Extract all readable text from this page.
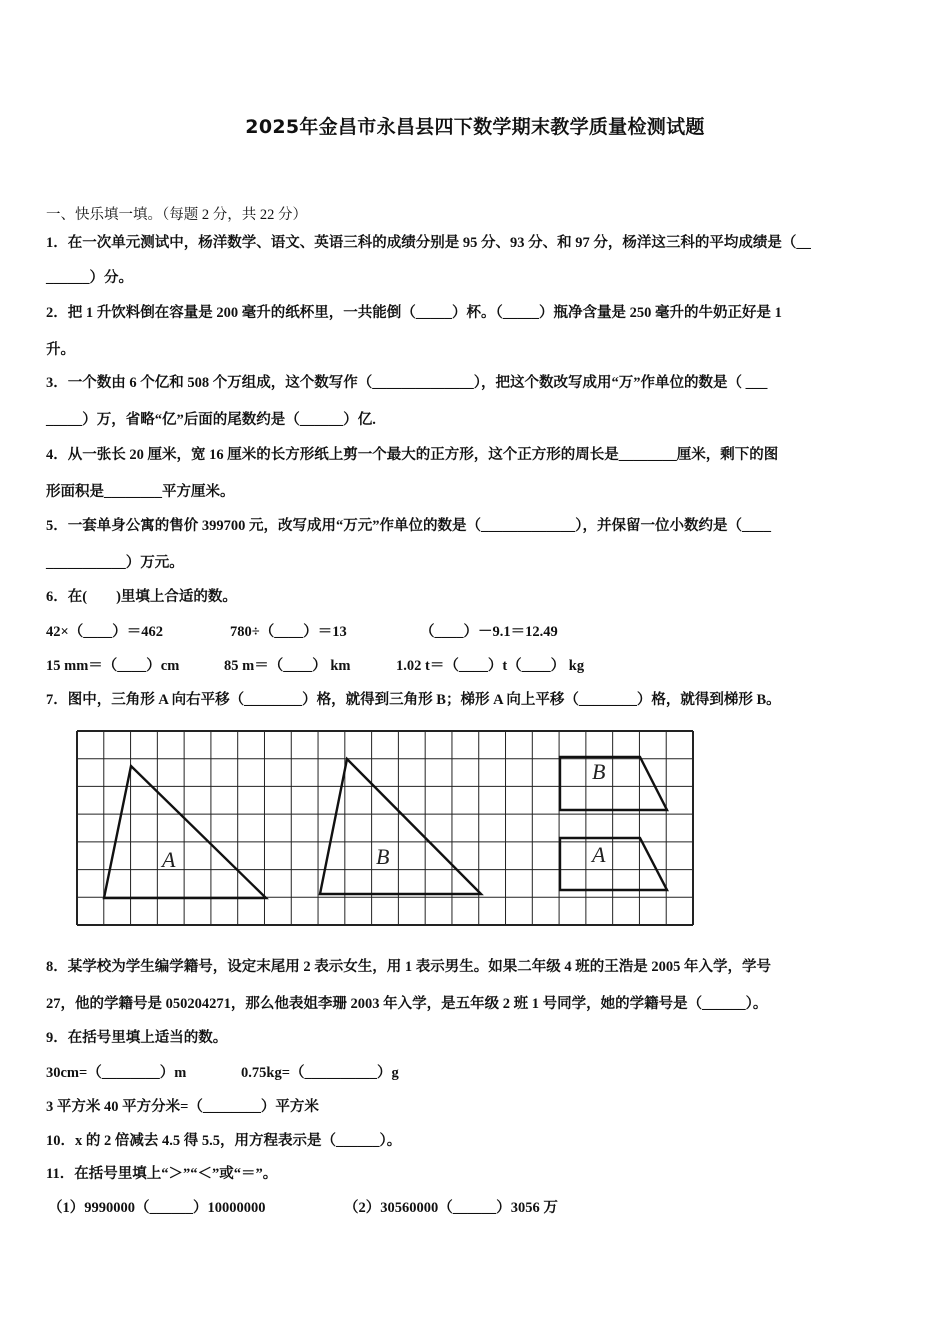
2025年金昌市永昌县四下数学期末教学质量检测试题
一、快乐填一填。（每题 2 分，共 22 分）
1．在一次单元测试中，杨洋数学、语文、英语三科的成绩分别是 95 分、93 分、和 97 分，杨洋这三科的平均成绩是（__
______）分。
2．把 1 升饮料倒在容量是 200 毫升的纸杯里，一共能倒（_____）杯。（_____）瓶净含量是 250 毫升的牛奶正好是 1
升。
3．一个数由 6 个亿和 508 个万组成，这个数写作（______________），把这个数改写成用“万”作单位的数是（ ___
_____）万，省略“亿”后面的尾数约是（______）亿.
4．从一张长 20 厘米，宽 16 厘米的长方形纸上剪一个最大的正方形，这个正方形的周长是________厘米，剩下的图
形面积是________平方厘米。
5．一套单身公寓的售价 399700 元，改写成用“万元”作单位的数是（_____________），并保留一位小数约是（____
___________）万元。
6．在(　　)里填上合适的数。
42×（____）＝462	780÷（____）＝13	（____）－9.1＝12.49
15 mm＝（____）cm	85 m＝（____） km	1.02 t＝（____）t（____） kg
7．图中，三角形 A 向右平移（________）格，就得到三角形 B；梯形 A 向上平移（________）格，就得到梯形 B。
A	B
B
A
8．某学校为学生编学籍号，设定末尾用 2 表示女生，用 1 表示男生。如果二年级 4 班的王浩是 2005 年入学，学号
27，他的学籍号是 050204271，那么他表姐李珊 2003 年入学，是五年级 2 班 1 号同学，她的学籍号是（______）。
9．在括号里填上适当的数。
30cm=（________）m	0.75kg=（__________）g
3 平方米 40 平方分米=（________）平方米
10．x 的 2 倍减去 4.5 得 5.5，用方程表示是（______）。
11．在括号里填上“＞”“＜”或“＝”。
（1）9990000（______）10000000	（2）30560000（______）3056 万
